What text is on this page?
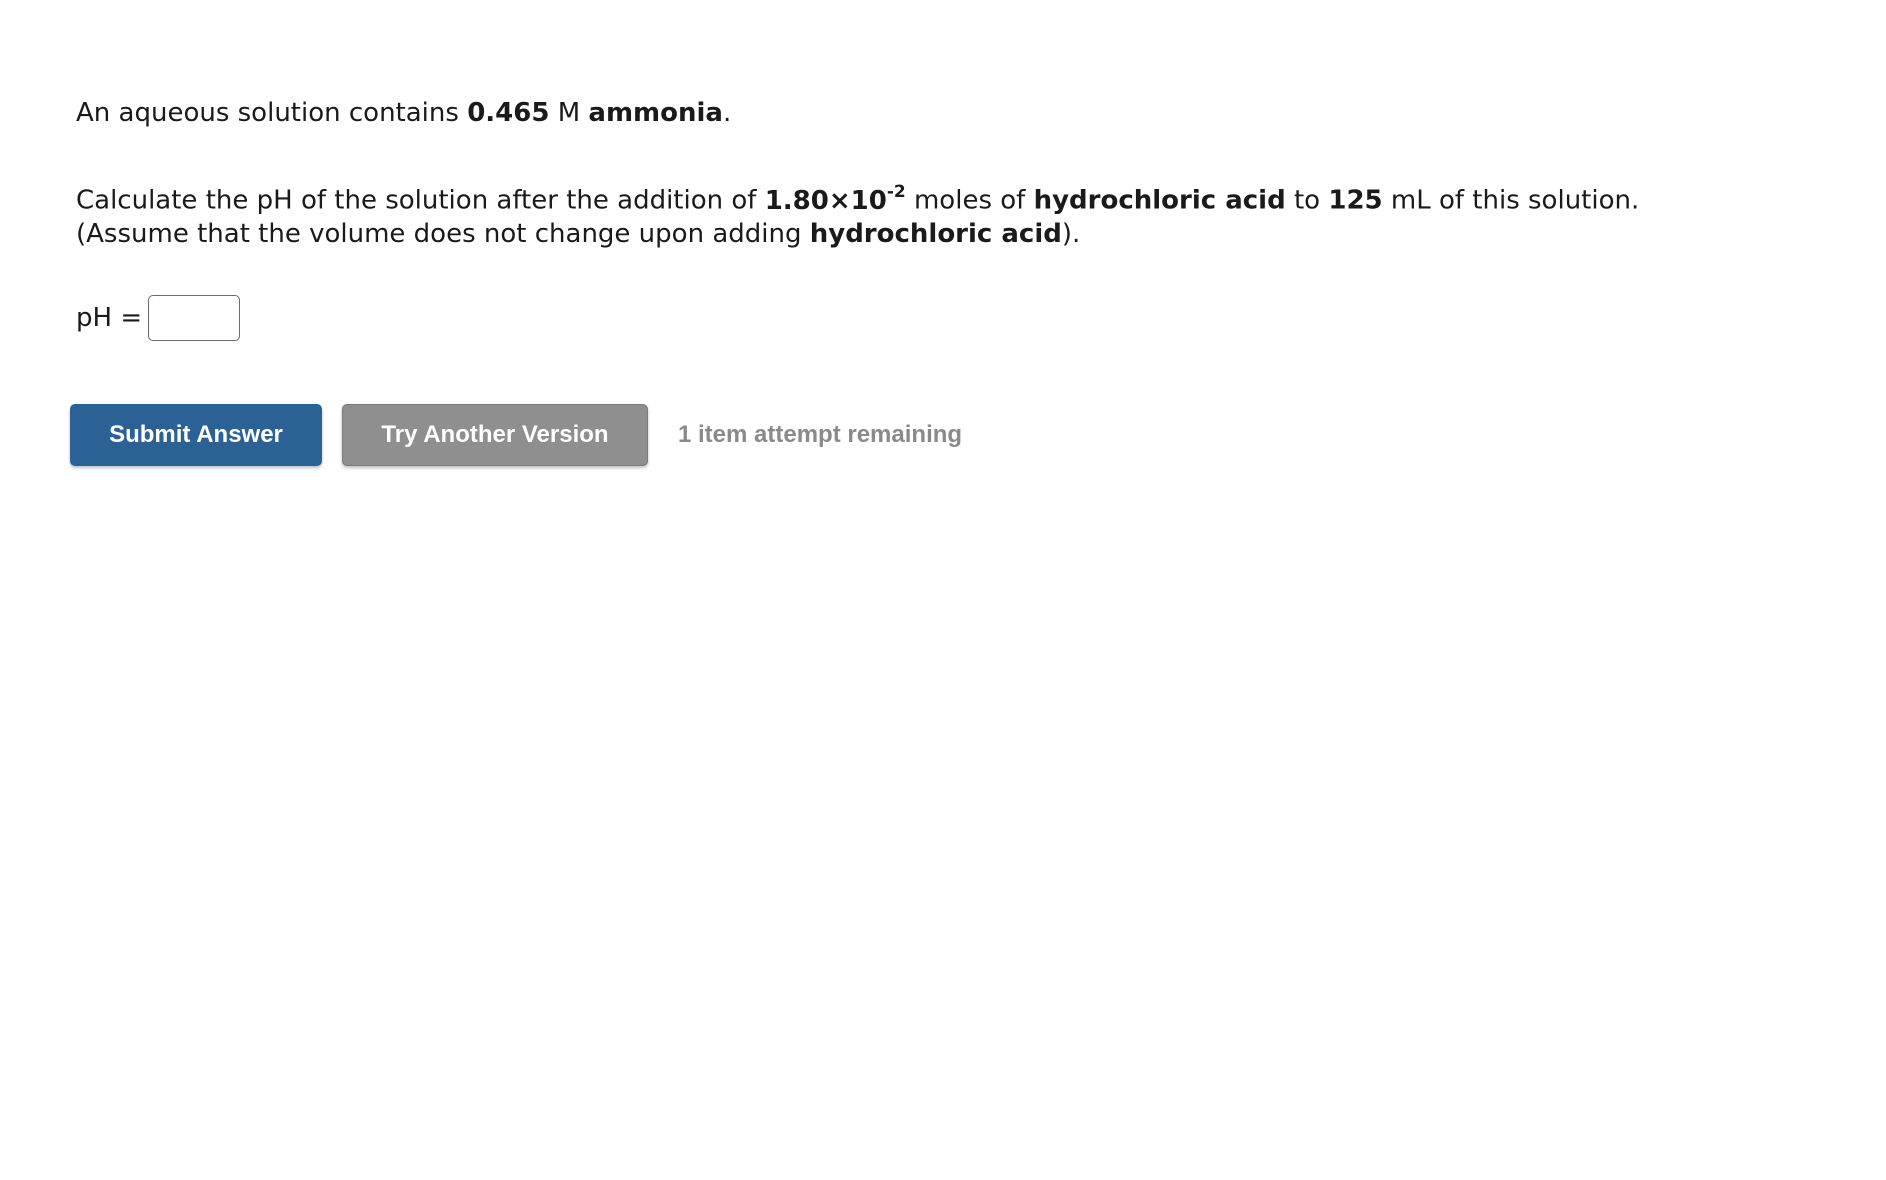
An aqueous solution contains 0.465 M ammonia.

Calculate the pH of the solution after the addition of $1.80\times 10^{-2}$ moles of hydrochloric acid to 125 mL of this solution.

(Assume that the volume does not change upon adding hydrochloric acid).

pH =
Submit Answer	Try Another Version	1 item attempt remaining
